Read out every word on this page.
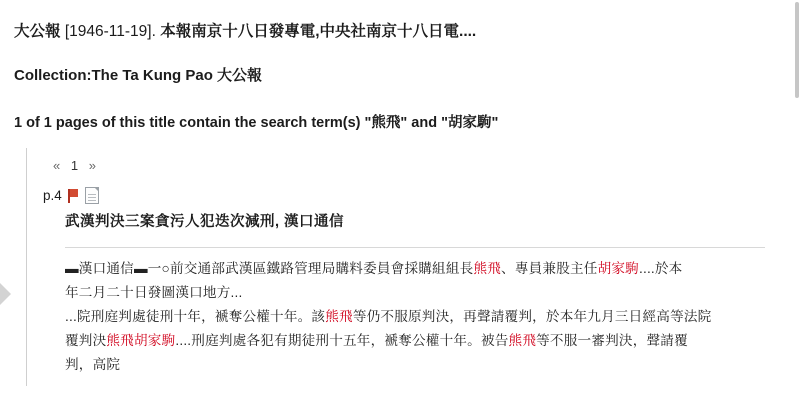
大公報 [1946-11-19]. 本報南京十八日發專電,中央社南京十八日電....
Collection:The Ta Kung Pao 大公報
1 of 1 pages of this title contain the search term(s) "熊飛" and "胡家駒"
« 1 »
p.4
武漢判決三案貪污人犯迭次減刑, 漢口通信

▬漢口通信▬一○前交通部武漢區鐵路管理局購料委員會採購組組長熊飛、專員兼股主任胡家駒....於本

年二月二十日發圖漢口地方...

...院刑庭判處徒刑十年，褫奪公權十年。該熊飛等仍不服原判決，再聲請覆判，於本年九月三日經高等法院

覆判決熊飛胡家駒....刑庭判處各犯有期徒刑十五年，褫奪公權十年。被告熊飛等不服一審判決，聲請覆

判，高院
